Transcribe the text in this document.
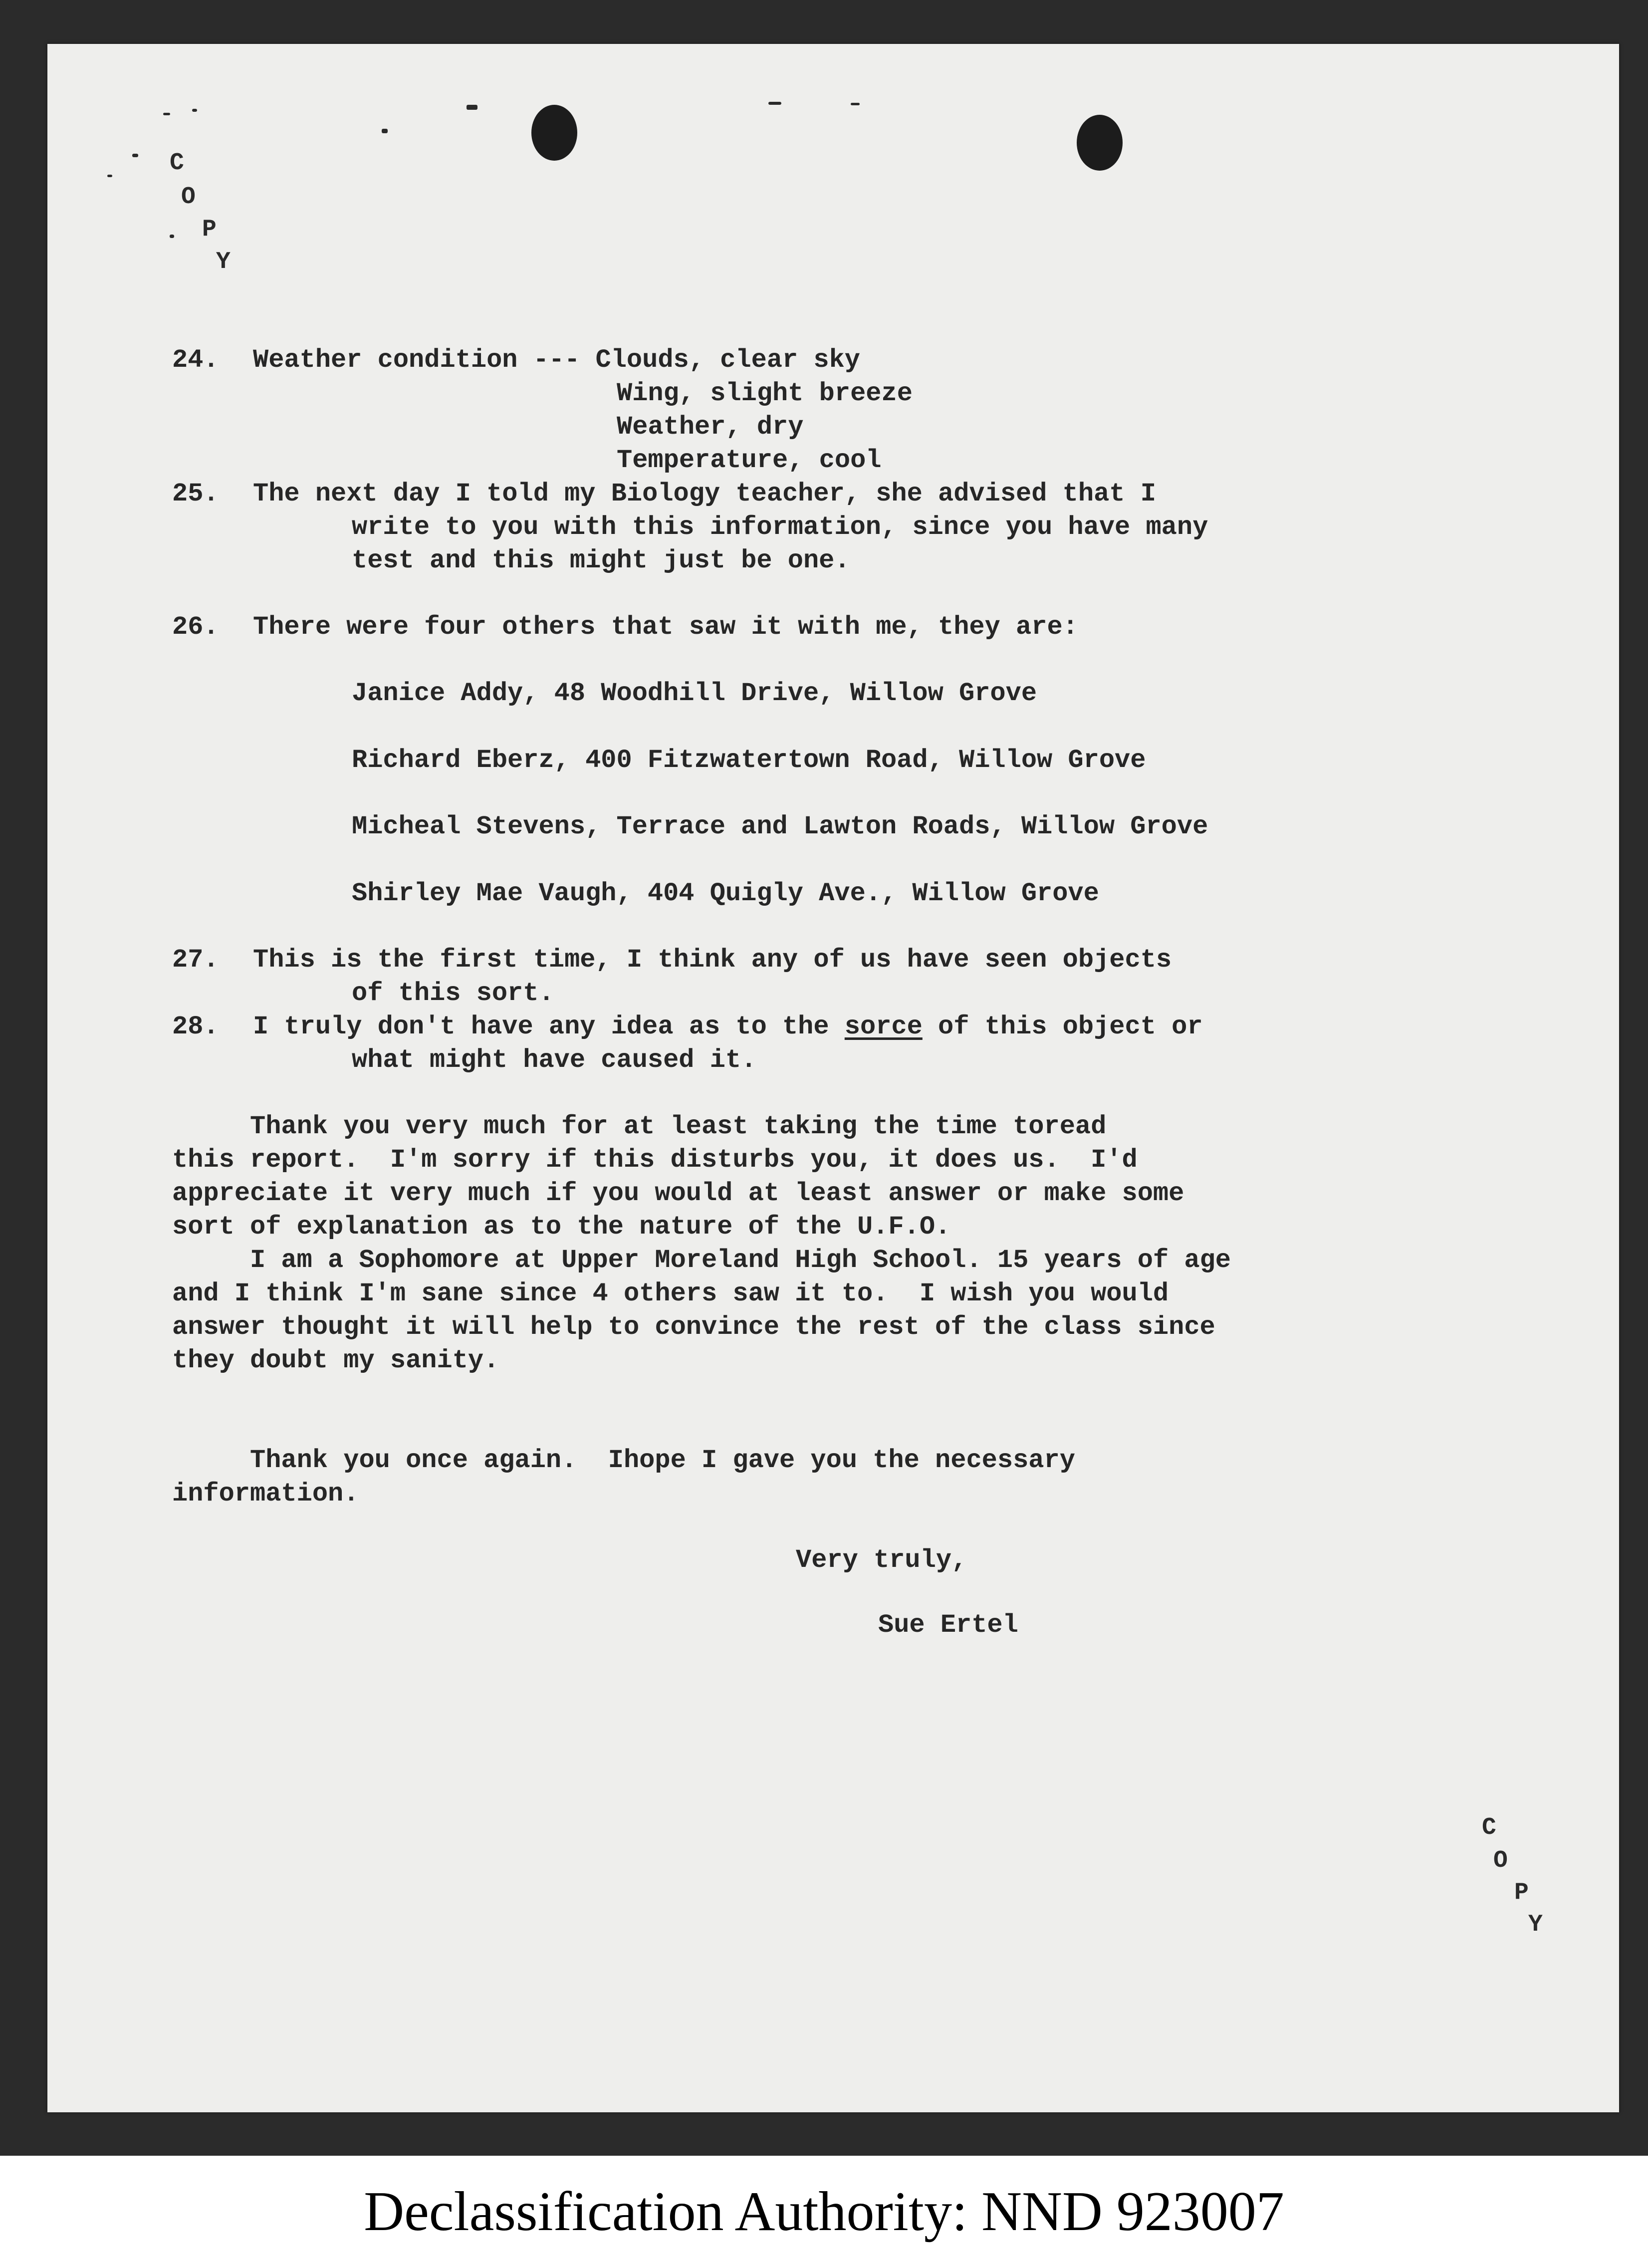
C
O
P
Y
C
O
P
Y

24. Weather condition --- Clouds, clear sky

Wing, slight breeze

Weather, dry

Temperature, cool

25. The next day I told my Biology teacher, she advised that I

write to you with this information, since you have many

test and this might just be one.

26. There were four others that saw it with me, they are:

Janice Addy, 48 Woodhill Drive, Willow Grove

Richard Eberz, 400 Fitzwatertown Road, Willow Grove

Micheal Stevens, Terrace and Lawton Roads, Willow Grove

Shirley Mae Vaugh, 404 Quigly Ave., Willow Grove

27. This is the first time, I think any of us have seen objects

of this sort.

28. I truly don't have any idea as to the sorce of this object or

what might have caused it.

Thank you very much for at least taking the time toread

this report.  I'm sorry if this disturbs you, it does us.  I'd

appreciate it very much if you would at least answer or make some

sort of explanation as to the nature of the U.F.O.

I am a Sophomore at Upper Moreland High School. 15 years of age

and I think I'm sane since 4 others saw it to.  I wish you would

answer thought it will help to convince the rest of the class since

they doubt my sanity.

Thank you once again.  Ihope I gave you the necessary

information.

Very truly,

Sue Ertel

Declassification Authority: NND 923007
